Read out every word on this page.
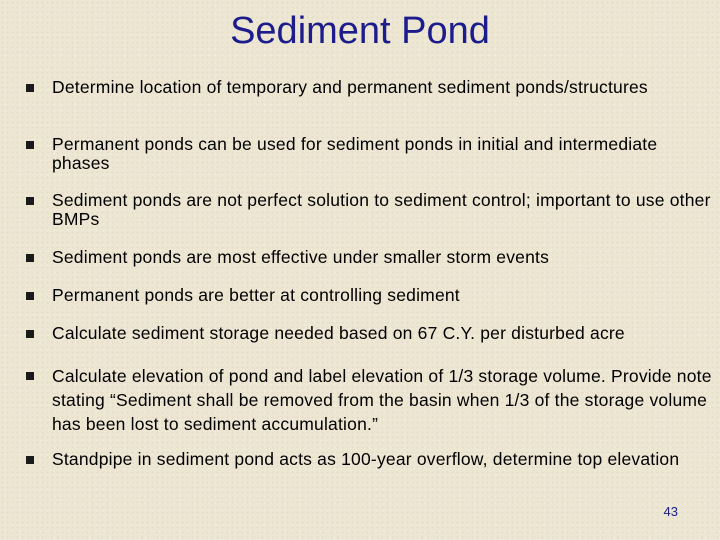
Sediment Pond
Determine location of temporary and permanent sediment ponds/structures
Permanent ponds can be used for sediment ponds in initial and intermediate phases
Sediment ponds are not perfect solution to sediment control; important to use other BMPs
Sediment ponds are most effective under smaller storm events
Permanent ponds are better at controlling sediment
Calculate sediment storage needed based on 67 C.Y. per disturbed acre
Calculate elevation of pond and label elevation of 1/3 storage volume. Provide note stating “Sediment shall be removed from the basin when 1/3 of the storage volume has been lost to sediment accumulation.”
Standpipe in sediment pond acts as 100-year overflow, determine top elevation
43
